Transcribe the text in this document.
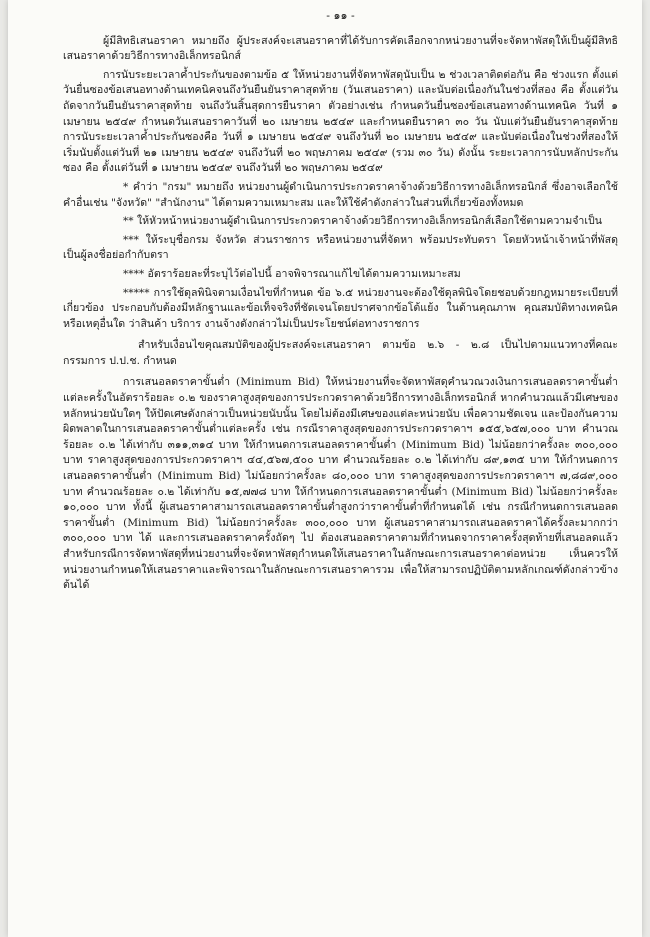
- ๑๑ -

ผู้มีสิทธิเสนอราคา หมายถึง ผู้ประสงค์จะเสนอราคาที่ได้รับการคัดเลือกจากหน่วยงานที่จะจัดหาพัสดุให้เป็นผู้มีสิทธิเสนอราคาด้วยวิธีการทางอิเล็กทรอนิกส์

การนับระยะเวลาค้ำประกันของตามข้อ ๕ ให้หน่วยงานที่จัดหาพัสดุนับเป็น ๒ ช่วงเวลาติดต่อกัน คือ ช่วงแรก ตั้งแต่วันยื่นซองข้อเสนอทางด้านเทคนิคจนถึงวันยืนยันราคาสุดท้าย (วันเสนอราคา) และนับต่อเนื่องกันในช่วงที่สอง คือ ตั้งแต่วันถัดจากวันยืนยันราคาสุดท้าย จนถึงวันสิ้นสุดการยืนราคา ตัวอย่างเช่น กำหนดวันยื่นซองข้อเสนอทางด้านเทคนิค วันที่ ๑ เมษายน ๒๕๔๙ กำหนดวันเสนอราคาวันที่ ๒๐ เมษายน ๒๕๔๙ และกำหนดยืนราคา ๓๐ วัน นับแต่วันยืนยันราคาสุดท้าย การนับระยะเวลาค้ำประกันซองคือ วันที่ ๑ เมษายน ๒๕๔๙ จนถึงวันที่ ๒๐ เมษายน ๒๕๔๙ และนับต่อเนื่องในช่วงที่สองให้เริ่มนับตั้งแต่วันที่ ๒๑ เมษายน ๒๕๔๙ จนถึงวันที่ ๒๐ พฤษภาคม ๒๕๔๙ (รวม ๓๐ วัน) ดังนั้น ระยะเวลาการนับหลักประกันซอง คือ ตั้งแต่วันที่ ๑ เมษายน ๒๕๔๙ จนถึงวันที่ ๒๐ พฤษภาคม ๒๕๔๙

* คำว่า "กรม" หมายถึง หน่วยงานผู้ดำเนินการประกวดราคาจ้างด้วยวิธีการทางอิเล็กทรอนิกส์ ซึ่งอาจเลือกใช้คำอื่นเช่น "จังหวัด" "สำนักงาน" ได้ตามความเหมาะสม และให้ใช้คำดังกล่าวในส่วนที่เกี่ยวข้องทั้งหมด

** ให้หัวหน้าหน่วยงานผู้ดำเนินการประกวดราคาจ้างด้วยวิธีการทางอิเล็กทรอนิกส์เลือกใช้ตามความจำเป็น

*** ให้ระบุชื่อกรม จังหวัด ส่วนราชการ หรือหน่วยงานที่จัดหา พร้อมประทับตรา โดยหัวหน้าเจ้าหน้าที่พัสดุ เป็นผู้ลงชื่อย่อกำกับตรา

**** อัตราร้อยละที่ระบุไว้ต่อไปนี้ อาจพิจารณาแก้ไขได้ตามความเหมาะสม

***** การใช้ดุลพินิจตามเงื่อนไขที่กำหนด ข้อ ๖.๕ หน่วยงานจะต้องใช้ดุลพินิจโดยชอบด้วยกฎหมายระเบียบที่เกี่ยวข้อง ประกอบกับต้องมีหลักฐานและข้อเท็จจริงที่ชัดเจนโดยปราศจากข้อโต้แย้ง ในด้านคุณภาพ คุณสมบัติทางเทคนิค หรือเหตุอื่นใด ว่าสินค้า บริการ งานจ้างดังกล่าวไม่เป็นประโยชน์ต่อทางราชการ

สำหรับเงื่อนไขคุณสมบัติของผู้ประสงค์จะเสนอราคา ตามข้อ ๒.๖ - ๒.๘ เป็นไปตามแนวทางที่คณะกรรมการ ป.ป.ช. กำหนด

การเสนอลดราคาขั้นต่ำ (Minimum Bid) ให้หน่วยงานที่จะจัดหาพัสดุคำนวณวงเงินการเสนอลดราคาขั้นต่ำแต่ละครั้งในอัตราร้อยละ ๐.๒ ของราคาสูงสุดของการประกวดราคาด้วยวิธีการทางอิเล็กทรอนิกส์ หากคำนวณแล้วมีเศษของหลักหน่วยนับใดๆ ให้ปัดเศษดังกล่าวเป็นหน่วยนับนั้น โดยไม่ต้องมีเศษของแต่ละหน่วยนับ เพื่อความชัดเจน และป้องกันความผิดพลาดในการเสนอลดราคาขั้นต่ำแต่ละครั้ง เช่น กรณีราคาสูงสุดของการประกวดราคาฯ ๑๕๕,๖๕๗,๐๐๐ บาท คำนวณร้อยละ ๐.๒ ได้เท่ากับ ๓๑๑,๓๑๔ บาท ให้กำหนดการเสนอลดราคาขั้นต่ำ (Minimum Bid) ไม่น้อยกว่าครั้งละ ๓๐๐,๐๐๐ บาท ราคาสูงสุดของการประกวดราคาฯ ๔๔,๕๖๗,๕๐๐ บาท คำนวณร้อยละ ๐.๒ ได้เท่ากับ ๘๙,๑๓๕ บาท ให้กำหนดการเสนอลดราคาขั้นต่ำ (Minimum Bid) ไม่น้อยกว่าครั้งละ ๘๐,๐๐๐ บาท ราคาสูงสุดของการประกวดราคาฯ ๗,๘๘๙,๐๐๐ บาท คำนวณร้อยละ ๐.๒ ได้เท่ากับ ๑๕,๗๗๘ บาท ให้กำหนดการเสนอลดราคาขั้นต่ำ (Minimum Bid) ไม่น้อยกว่าครั้งละ ๑๐,๐๐๐ บาท ทั้งนี้ ผู้เสนอราคาสามารถเสนอลดราคาขั้นต่ำสูงกว่าราคาขั้นต่ำที่กำหนดได้ เช่น กรณีกำหนดการเสนอลดราคาขั้นต่ำ (Minimum Bid) ไม่น้อยกว่าครั้งละ ๓๐๐,๐๐๐ บาท ผู้เสนอราคาสามารถเสนอลดราคาได้ครั้งละมากกว่า ๓๐๐,๐๐๐ บาท ได้ และการเสนอลดราคาครั้งถัดๆ ไป ต้องเสนอลดราคาตามที่กำหนดจากราคาครั้งสุดท้ายที่เสนอลดแล้ว สำหรับกรณีการจัดหาพัสดุที่หน่วยงานที่จะจัดหาพัสดุกำหนดให้เสนอราคาในลักษณะการเสนอราคาต่อหน่วย เห็นควรให้หน่วยงานกำหนดให้เสนอราคาและพิจารณาในลักษณะการเสนอราคารวม เพื่อให้สามารถปฏิบัติตามหลักเกณฑ์ดังกล่าวข้างต้นได้
